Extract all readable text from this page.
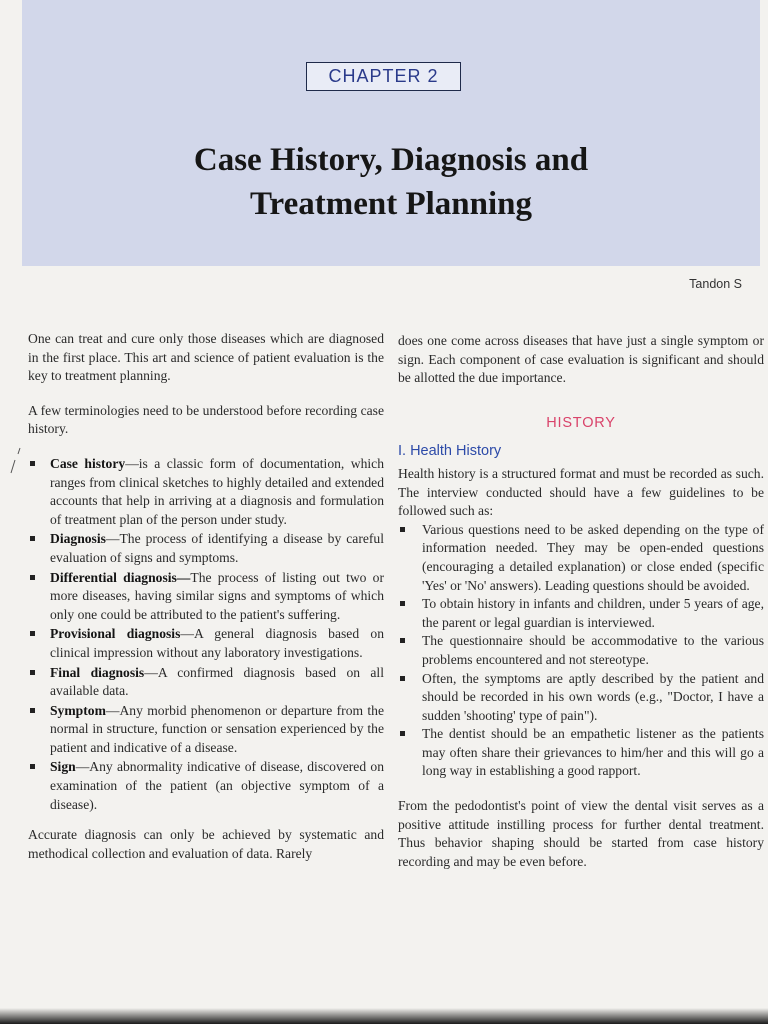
CHAPTER 2
Case History, Diagnosis and
Treatment Planning
Tandon S

One can treat and cure only those diseases which are diagnosed in the first place. This art and science of patient evaluation is the key to treatment planning.

A few terminologies need to be understood before recording case history.

Case history—is a classic form of documentation, which ranges from clinical sketches to highly detailed and extended accounts that help in arriving at a diagnosis and formulation of treatment plan of the person under study.
Diagnosis—The process of identifying a disease by careful evaluation of signs and symptoms.
Differential diagnosis—The process of listing out two or more diseases, having similar signs and symptoms of which only one could be attributed to the patient's suffering.
Provisional diagnosis—A general diagnosis based on clinical impression without any laboratory investigations.
Final diagnosis—A confirmed diagnosis based on all available data.
Symptom—Any morbid phenomenon or departure from the normal in structure, function or sensation experienced by the patient and indicative of a disease.
Sign—Any abnormality indicative of disease, discovered on examination of the patient (an objective symptom of a disease).

Accurate diagnosis can only be achieved by systematic and methodical collection and evaluation of data. Rarely

does one come across diseases that have just a single symptom or sign. Each component of case evaluation is significant and should be allotted the due importance.

HISTORY
I. Health History

Health history is a structured format and must be recorded as such. The interview conducted should have a few guidelines to be followed such as:

Various questions need to be asked depending on the type of information needed. They may be open-ended questions (encouraging a detailed explanation) or close ended (specific 'Yes' or 'No' answers). Leading questions should be avoided.
To obtain history in infants and children, under 5 years of age, the parent or legal guardian is interviewed.
The questionnaire should be accommodative to the various problems encountered and not stereotype.
Often, the symptoms are aptly described by the patient and should be recorded in his own words (e.g., "Doctor, I have a sudden 'shooting' type of pain").
The dentist should be an empathetic listener as the patients may often share their grievances to him/her and this will go a long way in establishing a good rapport.

From the pedodontist's point of view the dental visit serves as a positive attitude instilling process for further dental treatment. Thus behavior shaping should be started from case history recording and may be even before.
